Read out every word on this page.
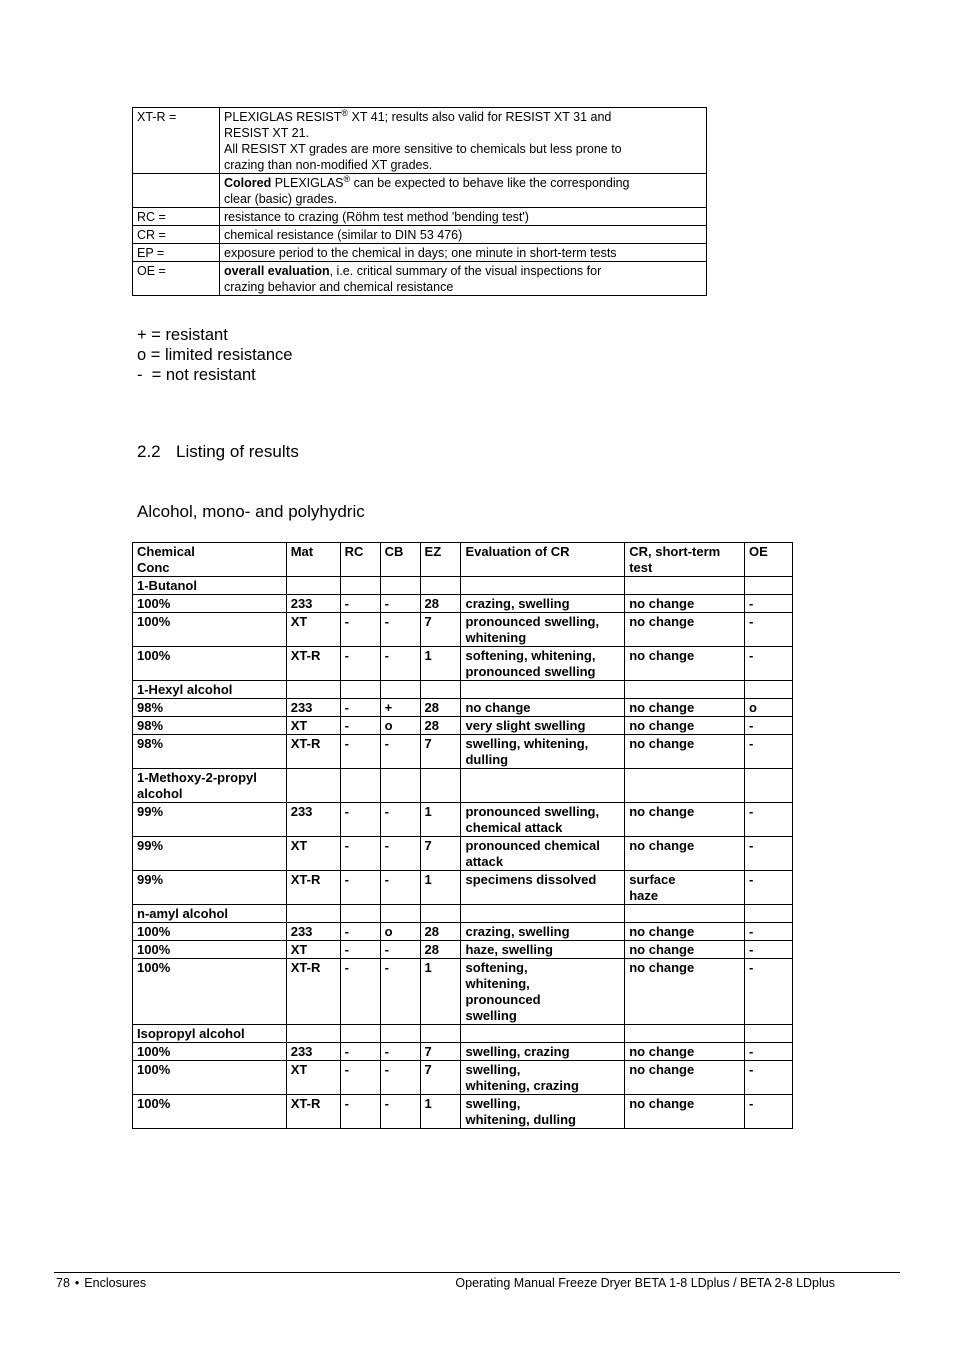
XT-R =	PLEXIGLAS RESIST® XT 41; results also valid for RESIST XT 31 and
RESIST XT 21.
All RESIST XT grades are more sensitive to chemicals but less prone to
crazing than non-modified XT grades.
	Colored PLEXIGLAS® can be expected to behave like the corresponding
clear (basic) grades.
RC =	resistance to crazing (Röhm test method 'bending test')
CR =	chemical resistance (similar to DIN 53 476)
EP =	exposure period to the chemical in days; one minute in short-term tests
OE =	overall evaluation, i.e. critical summary of the visual inspections for
crazing behavior and chemical resistance
+ = resistant
o = limited resistance
-  = not resistant
2.2 Listing of results
Alcohol, mono- and polyhydric
Chemical
Conc	Mat	RC	CB	EZ	Evaluation of CR	CR, short-term
test	OE
1-Butanol							
100%	233	-	-	28	crazing, swelling	no change	-
100%	XT	-	-	7	pronounced swelling,
whitening	no change	-
100%	XT-R	-	-	1	softening, whitening,
pronounced swelling	no change	-
1-Hexyl alcohol							
98%	233	-	+	28	no change	no change	o
98%	XT	-	o	28	very slight swelling	no change	-
98%	XT-R	-	-	7	swelling, whitening,
dulling	no change	-
1-Methoxy-2-propyl
alcohol							
99%	233	-	-	1	pronounced swelling,
chemical attack	no change	-
99%	XT	-	-	7	pronounced chemical
attack	no change	-
99%	XT-R	-	-	1	specimens dissolved	surface
haze	-
n-amyl alcohol							
100%	233	-	o	28	crazing, swelling	no change	-
100%	XT	-	-	28	haze, swelling	no change	-
100%	XT-R	-	-	1	softening,
whitening,
pronounced
swelling	no change	-
Isopropyl alcohol							
100%	233	-	-	7	swelling, crazing	no change	-
100%	XT	-	-	7	swelling,
whitening, crazing	no change	-
100%	XT-R	-	-	1	swelling,
whitening, dulling	no change	-
78 • Enclosures	Operating Manual Freeze Dryer BETA 1-8 LDplus / BETA 2-8 LDplus
